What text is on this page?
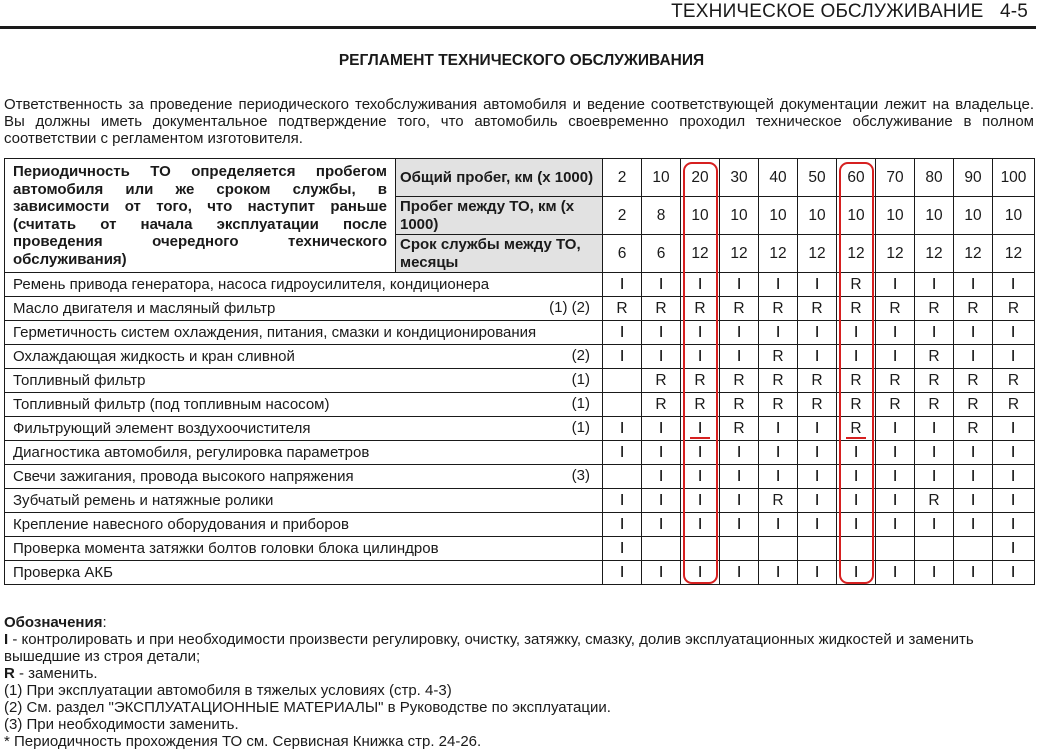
ТЕХНИЧЕСКОЕ ОБСЛУЖИВАНИЕ 4-5
РЕГЛАМЕНТ ТЕХНИЧЕСКОГО ОБСЛУЖИВАНИЯ
Ответственность за проведение периодического техобслуживания автомобиля и ведение соответствующей документации лежит на владельце. Вы должны иметь документальное подтверждение того, что автомобиль своевременно проходил техническое обслуживание в полном соответствии с регламентом изготовителя.
Периодичность ТО определяется пробегом автомобиля или же сроком службы, в зависимости от того, что наступит раньше (считать от начала эксплуатации после проведения очередного технического обслуживания)	Общий пробег, км (х 1000)	2	10	20	30	40	50	60	70	80	90	100
	Пробег между ТО, км (х 1000)	2	8	10	10	10	10	10	10	10	10	10
	Срок службы между ТО, месяцы	6	6	12	12	12	12	12	12	12	12	12
Ремень привода генератора, насоса гидроусилителя, кондиционера		I	I	I	I	I	I	R	I	I	I	I
Масло двигателя и масляный фильтр (1) (2)		R	R	R	R	R	R	R	R	R	R	R
Герметичность систем охлаждения, питания, смазки и кондиционирования		I	I	I	I	I	I	I	I	I	I	I
Охлаждающая жидкость и кран сливной (2)		I	I	I	I	R	I	I	I	R	I	I
Топливный фильтр (1)			R	R	R	R	R	R	R	R	R	R
Топливный фильтр (под топливным насосом) (1)			R	R	R	R	R	R	R	R	R	R
Фильтрующий элемент воздухоочистителя (1)		I	I	I	R	I	I	R	I	I	R	I
Диагностика автомобиля, регулировка параметров		I	I	I	I	I	I	I	I	I	I	I
Свечи зажигания, провода высокого напряжения (3)			I	I	I	I	I	I	I	I	I	I
Зубчатый ремень и натяжные ролики		I	I	I	I	R	I	I	I	R	I	I
Крепление навесного оборудования и приборов		I	I	I	I	I	I	I	I	I	I	I
Проверка момента затяжки болтов головки блока цилиндров		I										I
Проверка АКБ		I	I	I	I	I	I	I	I	I	I	I
Обозначения:
I - контролировать и при необходимости произвести регулировку, очистку, затяжку, смазку, долив эксплуатационных жидкостей и заменить вышедшие из строя детали;
R - заменить.
(1) При эксплуатации автомобиля в тяжелых условиях (стр. 4-3)
(2) См. раздел "ЭКСПЛУАТАЦИОННЫЕ МАТЕРИАЛЫ" в Руководстве по эксплуатации.
(3) При необходимости заменить.
* Периодичность прохождения ТО см. Сервисная Книжка стр. 24-26.
